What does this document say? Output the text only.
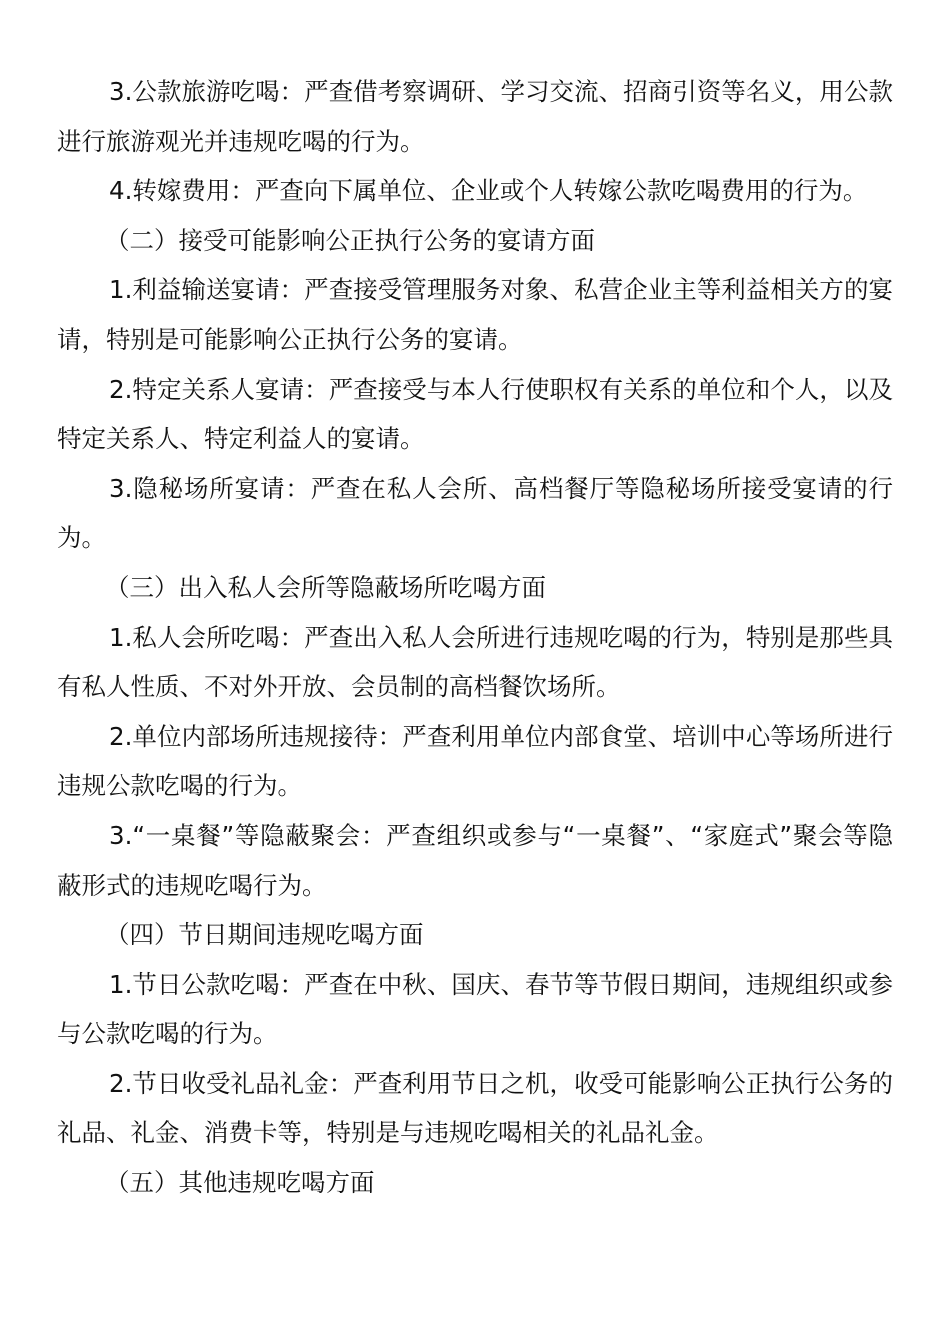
3.公款旅游吃喝：严查借考察调研、学习交流、招商引资等名义，用公款进行旅游观光并违规吃喝的行为。

4.转嫁费用：严查向下属单位、企业或个人转嫁公款吃喝费用的行为。

（二）接受可能影响公正执行公务的宴请方面

1.利益输送宴请：严查接受管理服务对象、私营企业主等利益相关方的宴请，特别是可能影响公正执行公务的宴请。

2.特定关系人宴请：严查接受与本人行使职权有关系的单位和个人，以及特定关系人、特定利益人的宴请。

3.隐秘场所宴请：严查在私人会所、高档餐厅等隐秘场所接受宴请的行为。

（三）出入私人会所等隐蔽场所吃喝方面

1.私人会所吃喝：严查出入私人会所进行违规吃喝的行为，特别是那些具有私人性质、不对外开放、会员制的高档餐饮场所。

2.单位内部场所违规接待：严查利用单位内部食堂、培训中心等场所进行违规公款吃喝的行为。

3.“一桌餐”等隐蔽聚会：严查组织或参与“一桌餐”、“家庭式”聚会等隐蔽形式的违规吃喝行为。

（四）节日期间违规吃喝方面

1.节日公款吃喝：严查在中秋、国庆、春节等节假日期间，违规组织或参与公款吃喝的行为。

2.节日收受礼品礼金：严查利用节日之机，收受可能影响公正执行公务的礼品、礼金、消费卡等，特别是与违规吃喝相关的礼品礼金。

（五）其他违规吃喝方面
